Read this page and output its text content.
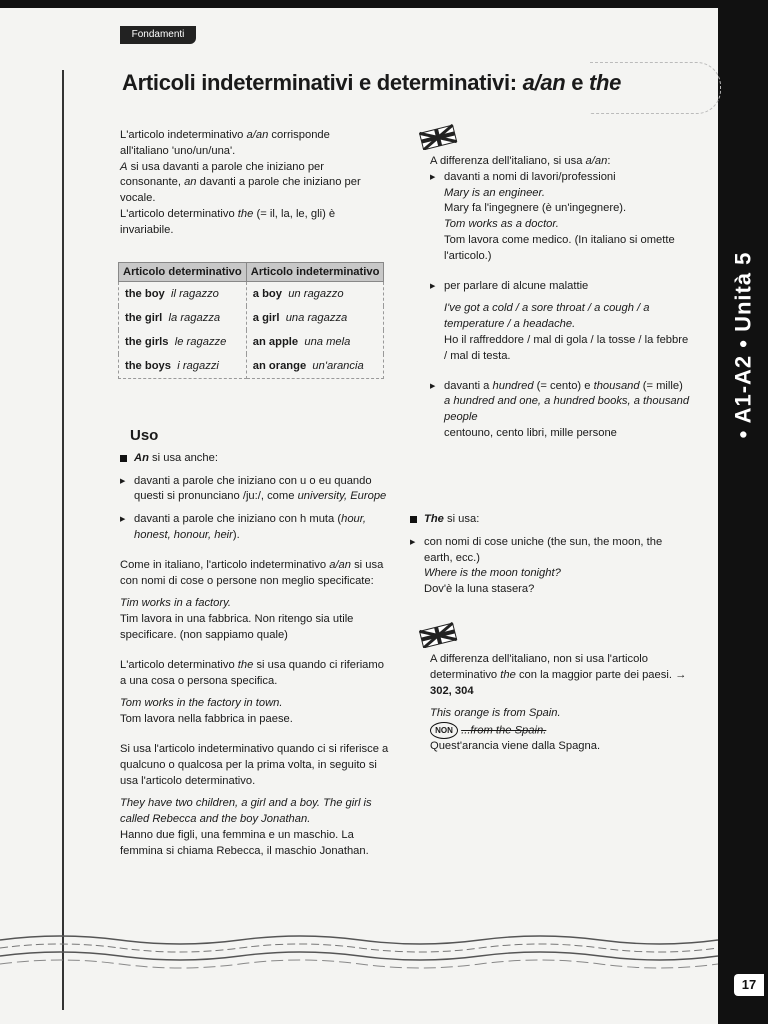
• A1-A2 • Unità 5
Fondamenti
Articoli indeterminativi e determinativi: a/an e the

L'articolo indeterminativo a/an corrisponde all'italiano 'uno/un/una'.

A si usa davanti a parole che iniziano per consonante, an davanti a parole che iniziano per vocale.

L'articolo determinativo the (= il, la, le, gli) è invariabile.

Articolo determinativo	Articolo indeterminativo
the boy il ragazzo	a boy un ragazzo
the girl la ragazza	a girl una ragazza
the girls le ragazze	an apple una mela
the boys i ragazzi	an orange un'arancia

Uso

An si usa anche:

▶ davanti a parole che iniziano con u o eu quando questi si pronunciano /ju:/, come university, Europe

▶ davanti a parole che iniziano con h muta (hour, honest, honour, heir).

Come in italiano, l'articolo indeterminativo a/an si usa con nomi di cose o persone non meglio specificate:

Tim works in a factory.

Tim lavora in una fabbrica. Non ritengo sia utile specificare. (non sappiamo quale)

L'articolo determinativo the si usa quando ci riferiamo a una cosa o persona specifica.

Tom works in the factory in town.

Tom lavora nella fabbrica in paese.

Si usa l'articolo indeterminativo quando ci si riferisce a qualcuno o qualcosa per la prima volta, in seguito si usa l'articolo determinativo.

They have two children, a girl and a boy. The girl is called Rebecca and the boy Jonathan.

Hanno due figli, una femmina e un maschio. La femmina si chiama Rebecca, il maschio Jonathan.

A differenza dell'italiano, si usa a/an:

▶ davanti a nomi di lavori/professioni

Mary is an engineer.

Mary fa l'ingegnere (è un'ingegnere).

Tom works as a doctor.

Tom lavora come medico. (In italiano si omette l'articolo.)

▶ per parlare di alcune malattie

I've got a cold / a sore throat / a cough / a temperature / a headache.

Ho il raffreddore / mal di gola / la tosse / la febbre / mal di testa.

▶ davanti a hundred (= cento) e thousand (= mille)

a hundred and one, a hundred books, a thousand people

centouno, cento libri, mille persone

The si usa:

▶ con nomi di cose uniche (the sun, the moon, the earth, ecc.)

Where is the moon tonight?

Dov'è la luna stasera?

A differenza dell'italiano, non si usa l'articolo determinativo the con la maggior parte dei paesi. → 302, 304

This orange is from Spain.

NON ...from the Spain.

Quest'arancia viene dalla Spagna.

17
